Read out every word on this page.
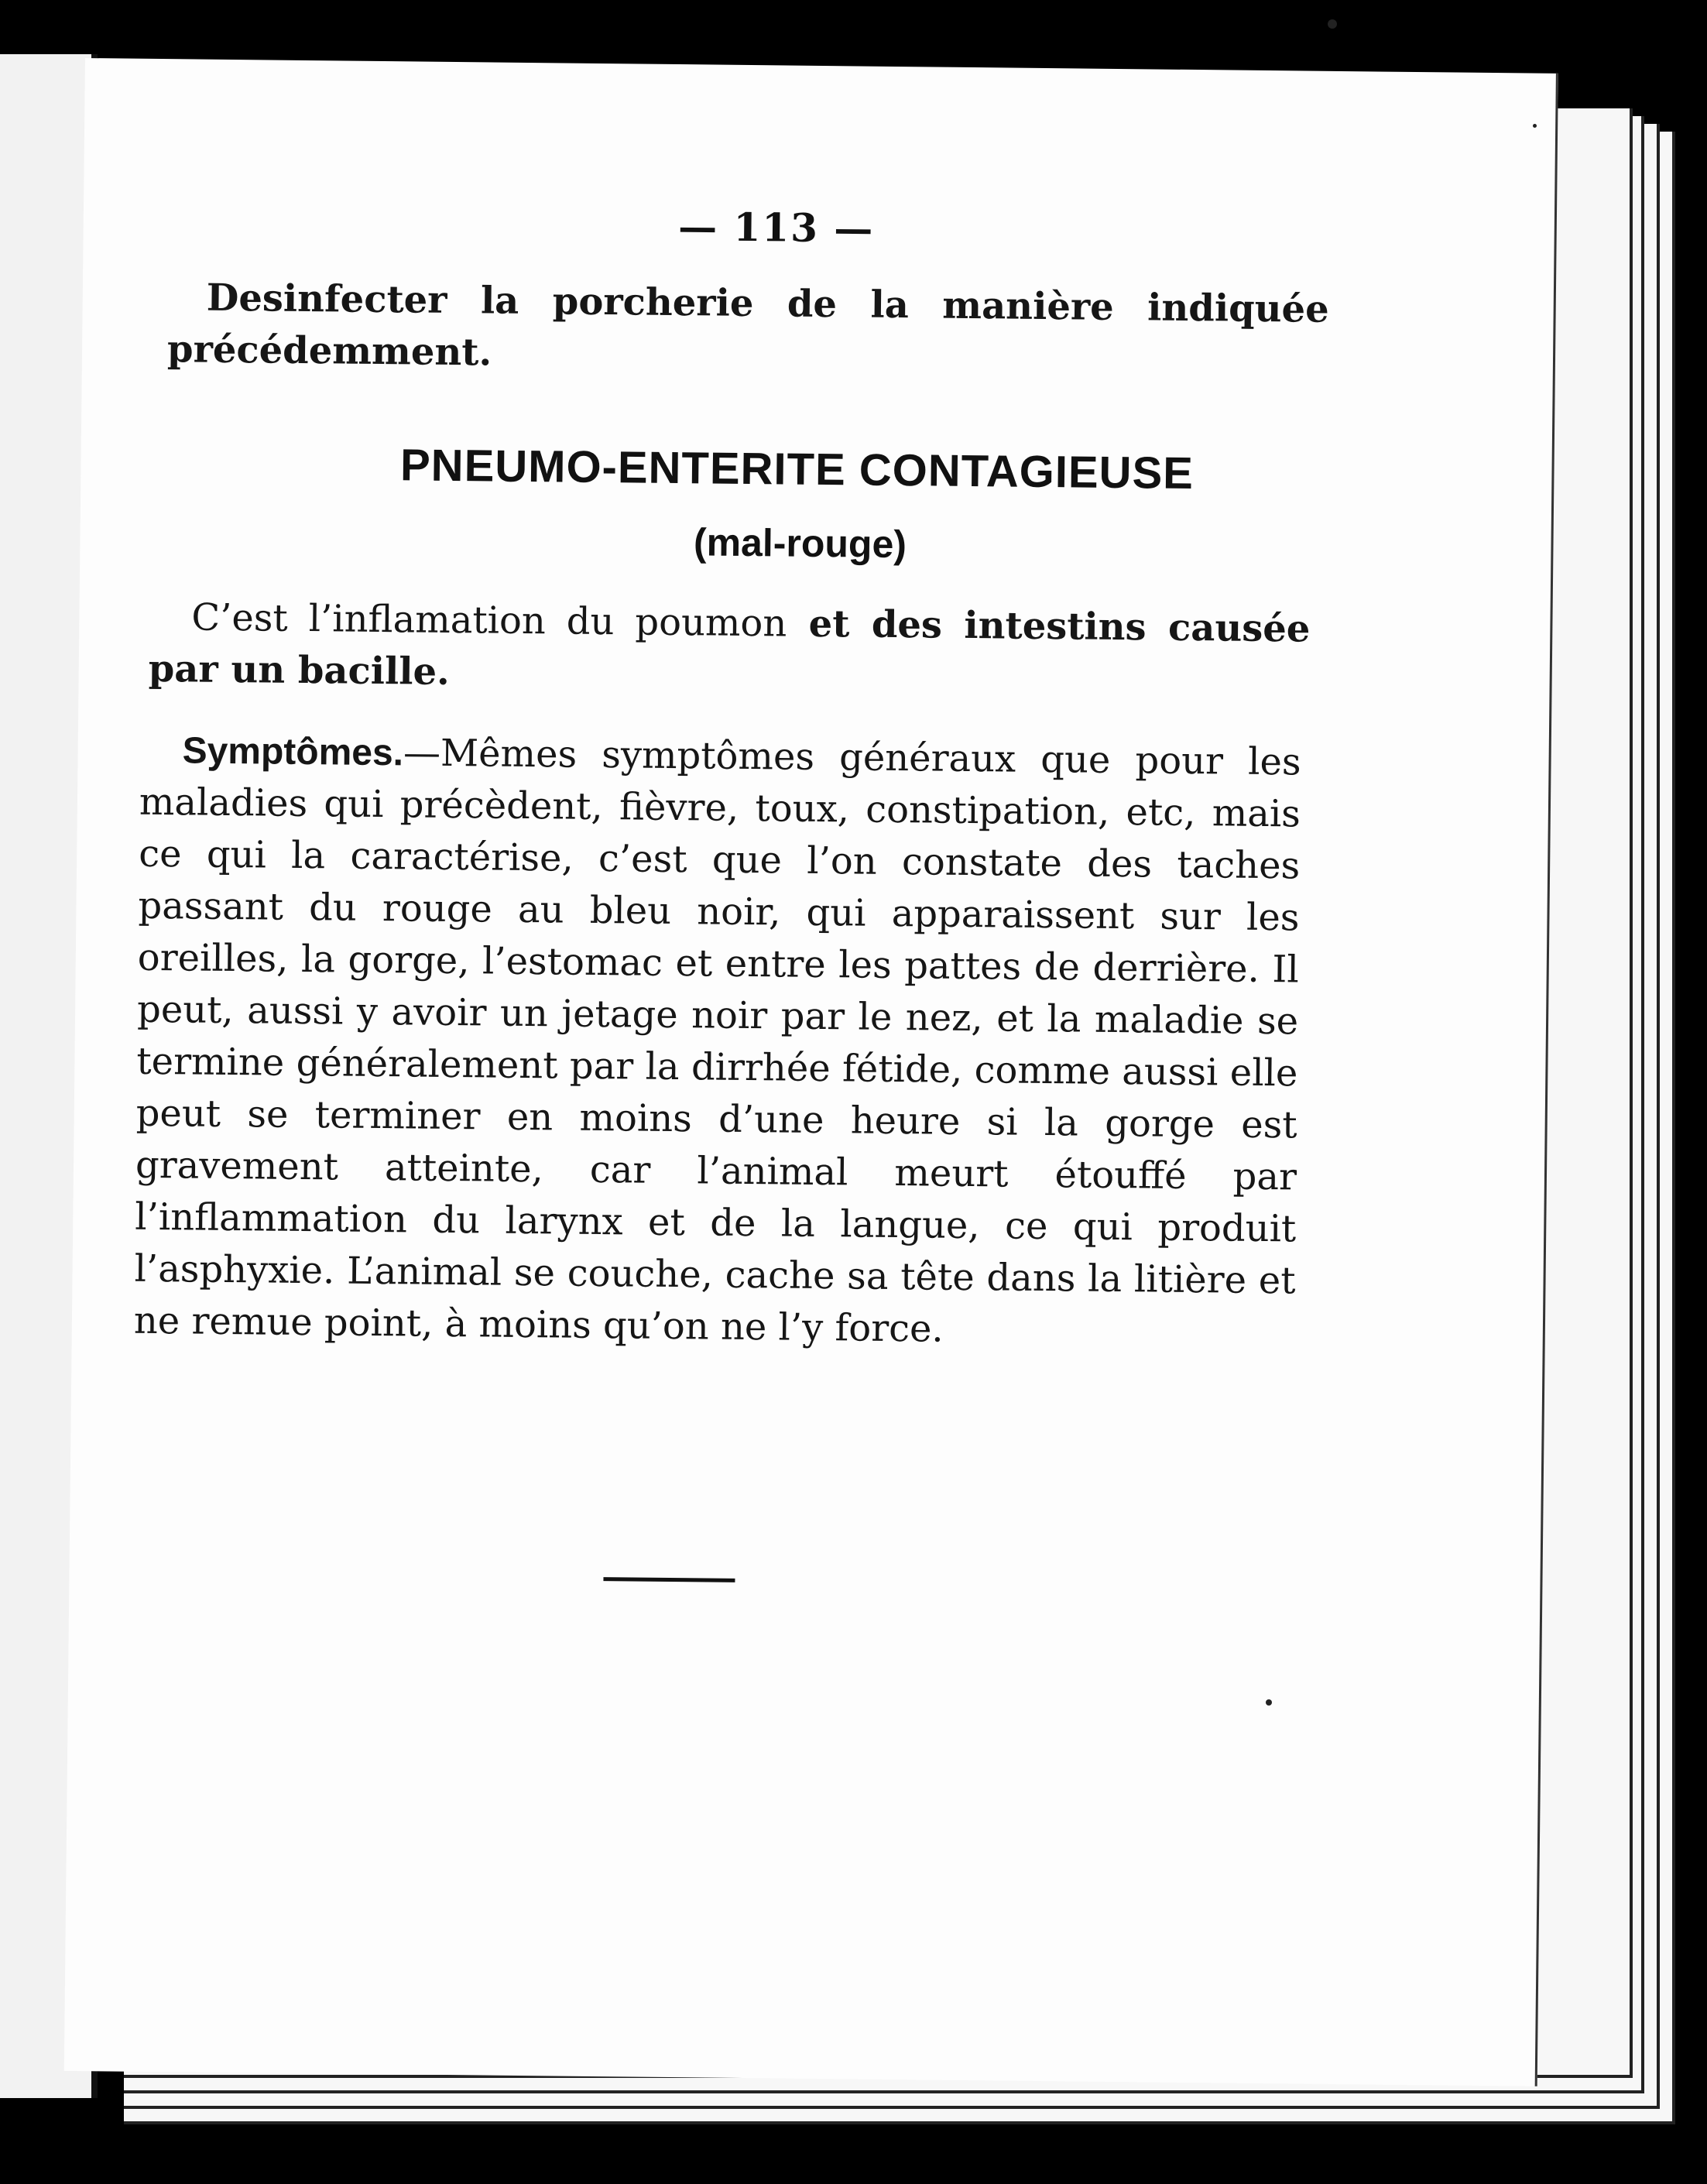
— 113 —
Desinfecter la porcherie de la manière indiquée précédemment.
PNEUMO-ENTERITE CONTAGIEUSE
(mal-rouge)
C’est l’inflamation du poumon et des intestins causée par un bacille.
Symptômes.—Mêmes symptômes généraux que pour les maladies qui précèdent, fièvre, toux, constipation, etc, mais ce qui la caractérise, c’est que l’on constate des taches passant du rouge au bleu noir, qui apparaissent sur les oreilles, la gorge, l’estomac et entre les pattes de derrière. Il peut, aussi y avoir un jetage noir par le nez, et la maladie se termine généralement par la dirrhée fétide, comme aussi elle peut se terminer en moins d’une heure si la gorge est gravement atteinte, car l’animal meurt étouffé par l’inflammation du larynx et de la langue, ce qui produit l’asphyxie. L’animal se couche, cache sa tête dans la litière et ne remue point, à moins qu’on ne l’y force.
